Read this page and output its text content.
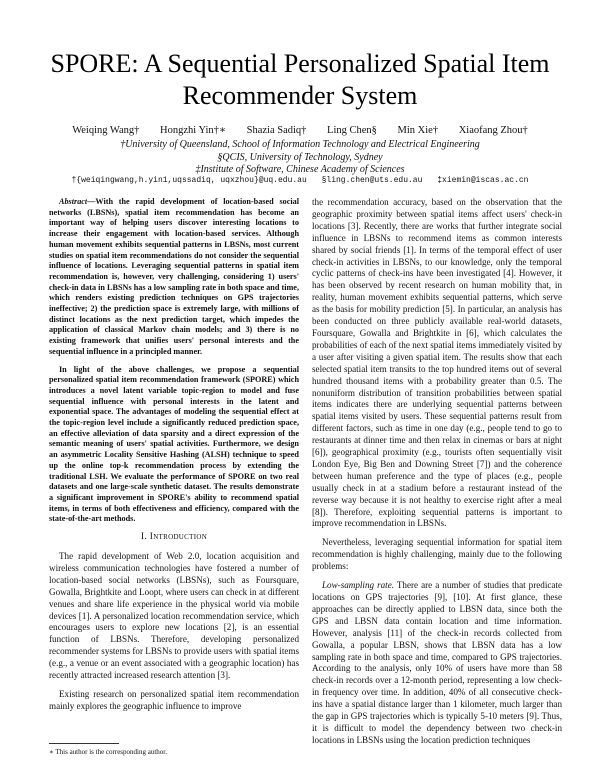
SPORE: A Sequential Personalized Spatial Item Recommender System
Weiqing Wang† Hongzhi Yin†∗ Shazia Sadiq† Ling Chen§ Min Xie† Xiaofang Zhou†
†University of Queensland, School of Information Technology and Electrical Engineering
§QCIS, University of Technology, Sydney
‡Institute of Software, Chinese Academy of Sciences
†{weiqingwang,h.yin1,uqssadiq, uqxzhou}@uq.edu.au §ling.chen@uts.edu.au ‡xiemin@iscas.ac.cn

Abstract—With the rapid development of location-based social networks (LBSNs), spatial item recommendation has become an important way of helping users discover interesting locations to increase their engagement with location-based services. Although human movement exhibits sequential patterns in LBSNs, most current studies on spatial item recommendations do not consider the sequential influence of locations. Leveraging sequential patterns in spatial item recommendation is, however, very challenging, considering 1) users' check-in data in LBSNs has a low sampling rate in both space and time, which renders existing prediction techniques on GPS trajectories ineffective; 2) the prediction space is extremely large, with millions of distinct locations as the next prediction target, which impedes the application of classical Markov chain models; and 3) there is no existing framework that unifies users' personal interests and the sequential influence in a principled manner.

In light of the above challenges, we propose a sequential personalized spatial item recommendation framework (SPORE) which introduces a novel latent variable topic-region to model and fuse sequential influence with personal interests in the latent and exponential space. The advantages of modeling the sequential effect at the topic-region level include a significantly reduced prediction space, an effective alleviation of data sparsity and a direct expression of the semantic meaning of users' spatial activities. Furthermore, we design an asymmetric Locality Sensitive Hashing (ALSH) technique to speed up the online top-k recommendation process by extending the traditional LSH. We evaluate the performance of SPORE on two real datasets and one large-scale synthetic dataset. The results demonstrate a significant improvement in SPORE's ability to recommend spatial items, in terms of both effectiveness and efficiency, compared with the state-of-the-art methods.

I. Introduction

The rapid development of Web 2.0, location acquisition and wireless communication technologies have fostered a number of location-based social networks (LBSNs), such as Foursquare, Gowalla, Brightkite and Loopt, where users can check in at different venues and share life experience in the physical world via mobile devices [1]. A personalized location recommendation service, which encourages users to explore new locations [2], is an essential function of LBSNs. Therefore, developing personalized recommender systems for LBSNs to provide users with spatial items (e.g., a venue or an event associated with a geographic location) has recently attracted increased research attention [3].

Existing research on personalized spatial item recommendation mainly explores the geographic influence to improve

the recommendation accuracy, based on the observation that the geographic proximity between spatial items affect users' check-in locations [3]. Recently, there are works that further integrate social influence in LBSNs to recommend items as common interests shared by social friends [1]. In terms of the temporal effect of user check-in activities in LBSNs, to our knowledge, only the temporal cyclic patterns of check-ins have been investigated [4]. However, it has been observed by recent research on human mobility that, in reality, human movement exhibits sequential patterns, which serve as the basis for mobility prediction [5]. In particular, an analysis has been conducted on three publicly available real-world datasets, Foursquare, Gowalla and Brightkite in [6], which calculates the probabilities of each of the next spatial items immediately visited by a user after visiting a given spatial item. The results show that each selected spatial item transits to the top hundred items out of several hundred thousand items with a probability greater than 0.5. The nonuniform distribution of transition probabilities between spatial items indicates there are underlying sequential patterns between spatial items visited by users. These sequential patterns result from different factors, such as time in one day (e.g., people tend to go to restaurants at dinner time and then relax in cinemas or bars at night [6]), geographical proximity (e.g., tourists often sequentially visit London Eye, Big Ben and Downing Street [7]) and the coherence between human preference and the type of places (e.g., people usually check in at a stadium before a restaurant instead of the reverse way because it is not healthy to exercise right after a meal [8]). Therefore, exploiting sequential patterns is important to improve recommendation in LBSNs.

Nevertheless, leveraging sequential information for spatial item recommendation is highly challenging, mainly due to the following problems:

Low-sampling rate. There are a number of studies that predicate locations on GPS trajectories [9], [10]. At first glance, these approaches can be directly applied to LBSN data, since both the GPS and LBSN data contain location and time information. However, analysis [11] of the check-in records collected from Gowalla, a popular LBSN, shows that LBSN data has a low sampling rate in both space and time, compared to GPS trajectories. According to the analysis, only 10% of users have more than 58 check-in records over a 12-month period, representing a low check-in frequency over time. In addition, 40% of all consecutive check-ins have a spatial distance larger than 1 kilometer, much larger than the gap in GPS trajectories which is typically 5-10 meters [9]. Thus, it is difficult to model the dependency between two check-in locations in LBSNs using the location prediction techniques

∗ This author is the corresponding author.
